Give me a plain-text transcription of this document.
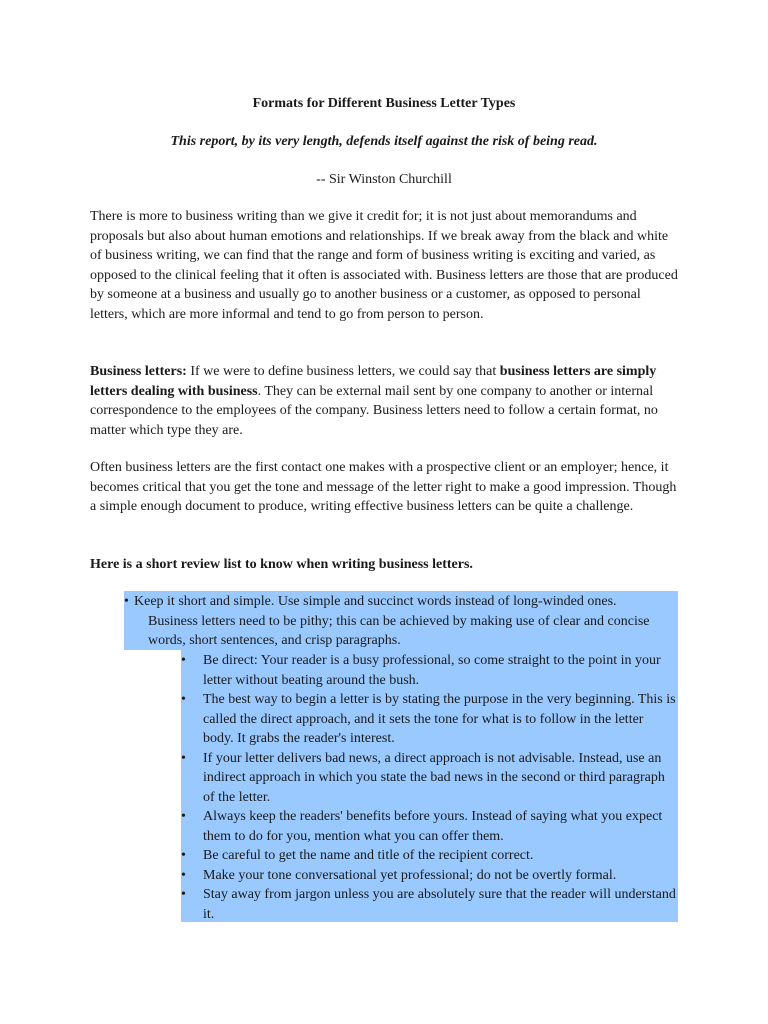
Formats for Different Business Letter Types
This report, by its very length, defends itself against the risk of being read.
-- Sir Winston Churchill

There is more to business writing than we give it credit for; it is not just about memorandums and proposals but also about human emotions and relationships. If we break away from the black and white of business writing, we can find that the range and form of business writing is exciting and varied, as opposed to the clinical feeling that it often is associated with. Business letters are those that are produced by someone at a business and usually go to another business or a customer, as opposed to personal letters, which are more informal and tend to go from person to person.

Business letters: If we were to define business letters, we could say that business letters are simply letters dealing with business. They can be external mail sent by one company to another or internal correspondence to the employees of the company. Business letters need to follow a certain format, no matter which type they are.

Often business letters are the first contact one makes with a prospective client or an employer; hence, it becomes critical that you get the tone and message of the letter right to make a good impression. Though a simple enough document to produce, writing effective business letters can be quite a challenge.

Here is a short review list to know when writing business letters.
• Keep it short and simple. Use simple and succinct words instead of long-winded ones.
Business letters need to be pithy; this can be achieved by making use of clear and concise words, short sentences, and crisp paragraphs.
• Be direct: Your reader is a busy professional, so come straight to the point in your letter without beating around the bush.
• The best way to begin a letter is by stating the purpose in the very beginning. This is called the direct approach, and it sets the tone for what is to follow in the letter body. It grabs the reader's interest.
• If your letter delivers bad news, a direct approach is not advisable. Instead, use an indirect approach in which you state the bad news in the second or third paragraph of the letter.
• Always keep the readers' benefits before yours. Instead of saying what you expect them to do for you, mention what you can offer them.
• Be careful to get the name and title of the recipient correct.
• Make your tone conversational yet professional; do not be overtly formal.
• Stay away from jargon unless you are absolutely sure that the reader will understand it.
